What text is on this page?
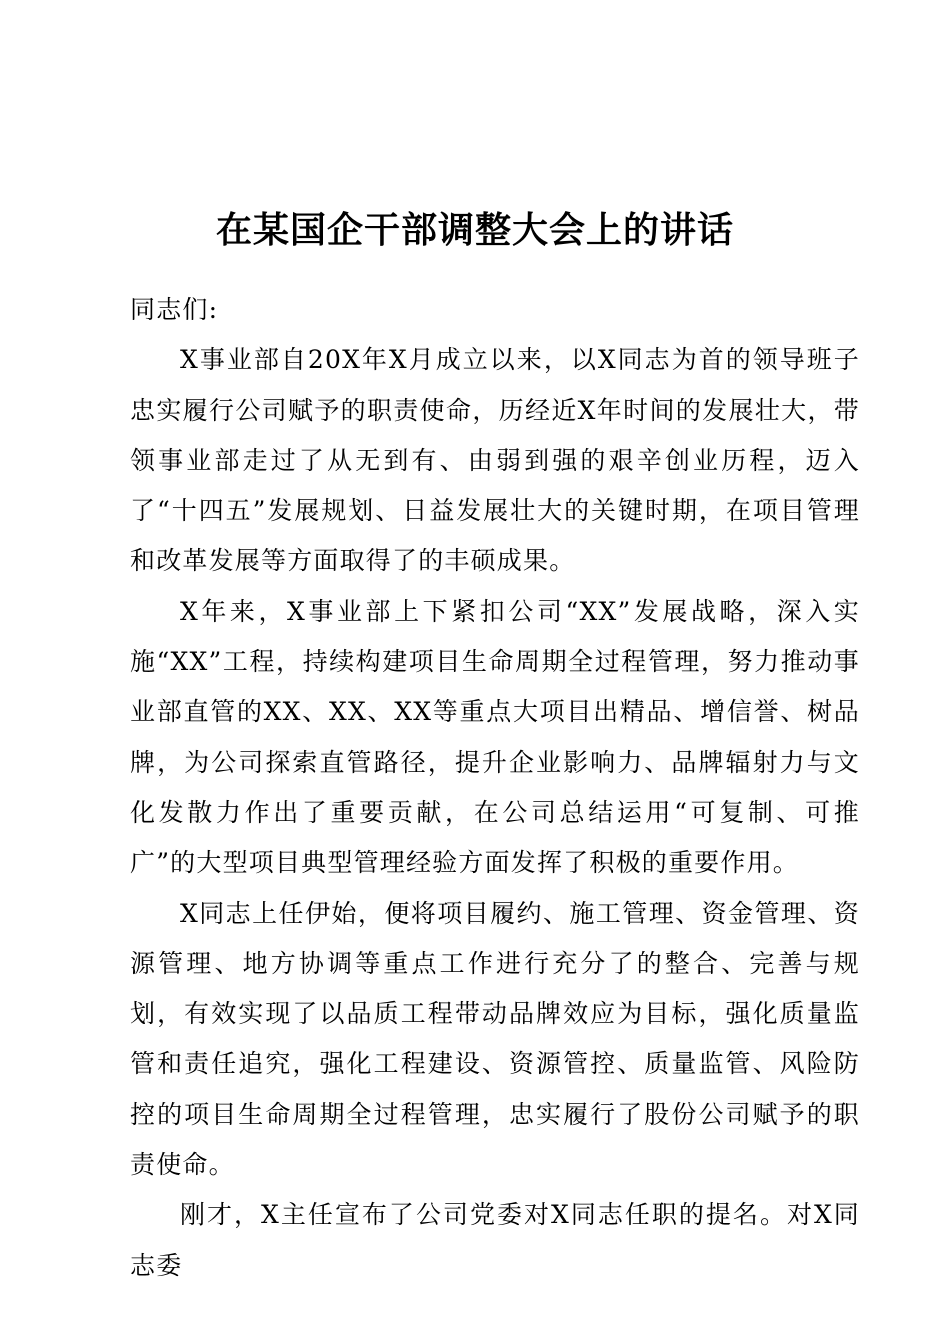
在某国企干部调整大会上的讲话

同志们:

X事业部自20X年X月成立以来，以X同志为首的领导班子忠实履行公司赋予的职责使命，历经近X年时间的发展壮大，带领事业部走过了从无到有、由弱到强的艰辛创业历程，迈入了“十四五”发展规划、日益发展壮大的关键时期，在项目管理和改革发展等方面取得了的丰硕成果。

X年来，X事业部上下紧扣公司“XX”发展战略，深入实施“XX”工程，持续构建项目生命周期全过程管理，努力推动事业部直管的XX、XX、XX等重点大项目出精品、增信誉、树品牌，为公司探索直管路径，提升企业影响力、品牌辐射力与文化发散力作出了重要贡献，在公司总结运用“可复制、可推广”的大型项目典型管理经验方面发挥了积极的重要作用。

X同志上任伊始，便将项目履约、施工管理、资金管理、资源管理、地方协调等重点工作进行充分了的整合、完善与规划，有效实现了以品质工程带动品牌效应为目标，强化质量监管和责任追究，强化工程建设、资源管控、质量监管、风险防控的项目生命周期全过程管理，忠实履行了股份公司赋予的职责使命。

刚才，X主任宣布了公司党委对X同志任职的提名。对X同志委
